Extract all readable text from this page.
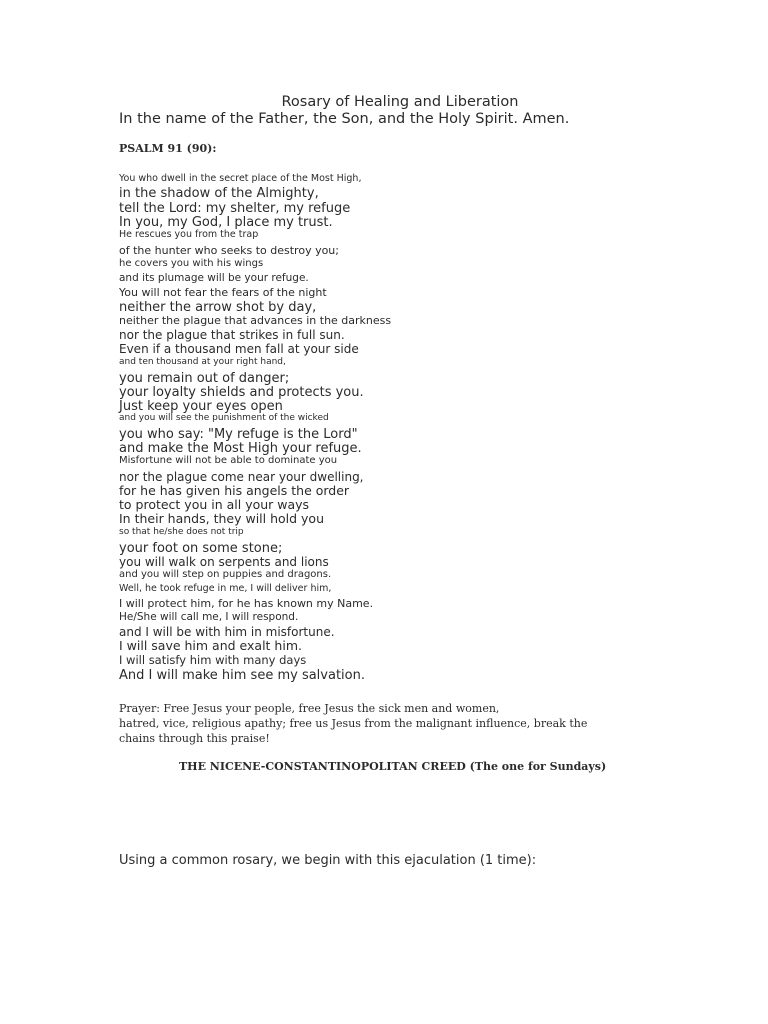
Rosary of Healing and Liberation
In the name of the Father, the Son, and the Holy Spirit. Amen.
PSALM 91 (90):
You who dwell in the secret place of the Most High,
in the shadow of the Almighty,
tell the Lord: my shelter, my refuge
In you, my God, I place my trust.
He rescues you from the trap
of the hunter who seeks to destroy you;
he covers you with his wings
and its plumage will be your refuge.
You will not fear the fears of the night
neither the arrow shot by day,
neither the plague that advances in the darkness
nor the plague that strikes in full sun.
Even if a thousand men fall at your side
and ten thousand at your right hand,
you remain out of danger;
your loyalty shields and protects you.
Just keep your eyes open
and you will see the punishment of the wicked
you who say: "My refuge is the Lord"
and make the Most High your refuge.
Misfortune will not be able to dominate you
nor the plague come near your dwelling,
for he has given his angels the order
to protect you in all your ways
In their hands, they will hold you
so that he/she does not trip
your foot on some stone;
you will walk on serpents and lions
and you will step on puppies and dragons.
Well, he took refuge in me, I will deliver him,
I will protect him, for he has known my Name.
He/She will call me, I will respond.
and I will be with him in misfortune.
I will save him and exalt him.
I will satisfy him with many days
And I will make him see my salvation.
Prayer: Free Jesus your people, free Jesus the sick men and women,
hatred, vice, religious apathy; free us Jesus from the malignant influence, break the
chains through this praise!
THE NICENE-CONSTANTINOPOLITAN CREED (The one for Sundays)
Using a common rosary, we begin with this ejaculation (1 time):
